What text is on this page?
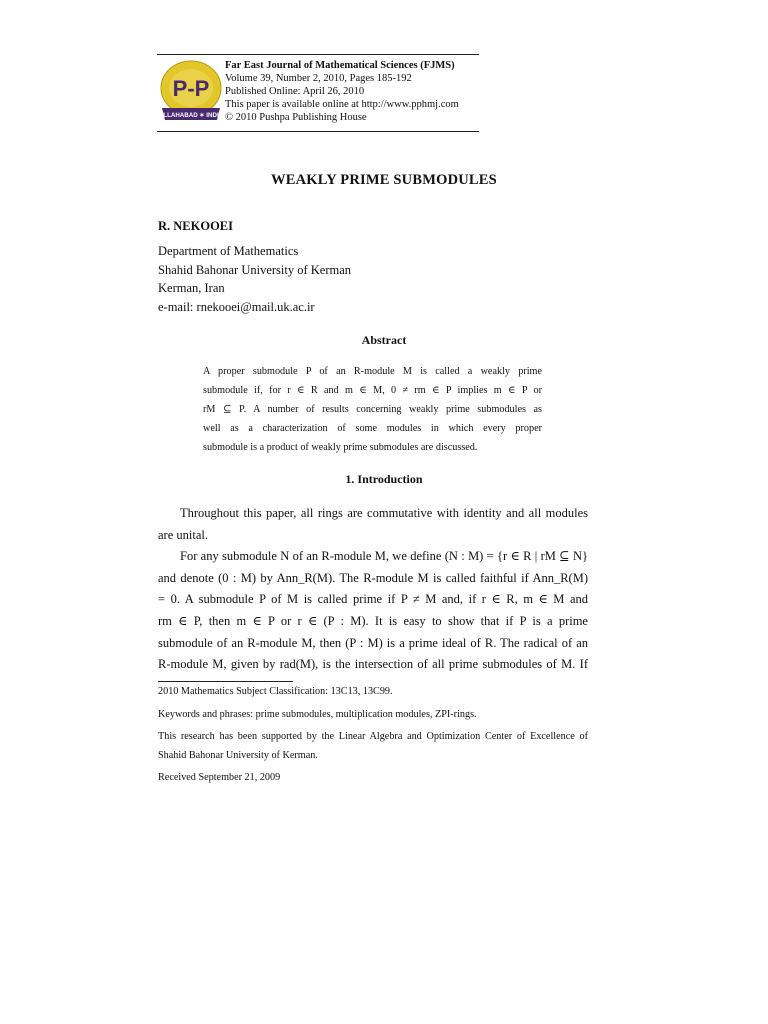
P-P
ALLAHABAD ✶ INDIA
Far East Journal of Mathematical Sciences (FJMS)
Volume 39, Number 2, 2010, Pages 185-192
Published Online: April 26, 2010
This paper is available online at http://www.pphmj.com
© 2010 Pushpa Publishing House
WEAKLY PRIME SUBMODULES
R. NEKOOEI
Department of Mathematics
Shahid Bahonar University of Kerman
Kerman, Iran
e-mail: rnekooei@mail.uk.ac.ir
Abstract
A proper submodule P of an R-module M is called a weakly prime
submodule if, for r ∈ R and m ∈ M, 0 ≠ rm ∈ P implies m ∈ P or
rM ⊆ P. A number of results concerning weakly prime submodules as
well as a characterization of some modules in which every proper
submodule is a product of weakly prime submodules are discussed.
1. Introduction
Throughout this paper, all rings are commutative with identity and all modules
are unital.
For any submodule N of an R-module M, we define (N : M) = {r ∈ R | rM ⊆ N}
and denote (0 : M) by Ann_R(M). The R-module M is called faithful if Ann_R(M)
= 0. A submodule P of M is called prime if P ≠ M and, if r ∈ R, m ∈ M and
rm ∈ P, then m ∈ P or r ∈ (P : M). It is easy to show that if P is a prime
submodule of an R-module M, then (P : M) is a prime ideal of R. The radical of an
R-module M, given by rad(M), is the intersection of all prime submodules of M. If
2010 Mathematics Subject Classification: 13C13, 13C99.
Keywords and phrases: prime submodules, multiplication modules, ZPI-rings.
This research has been supported by the Linear Algebra and Optimization Center of Excellence of Shahid Bahonar University of Kerman.
Received September 21, 2009
